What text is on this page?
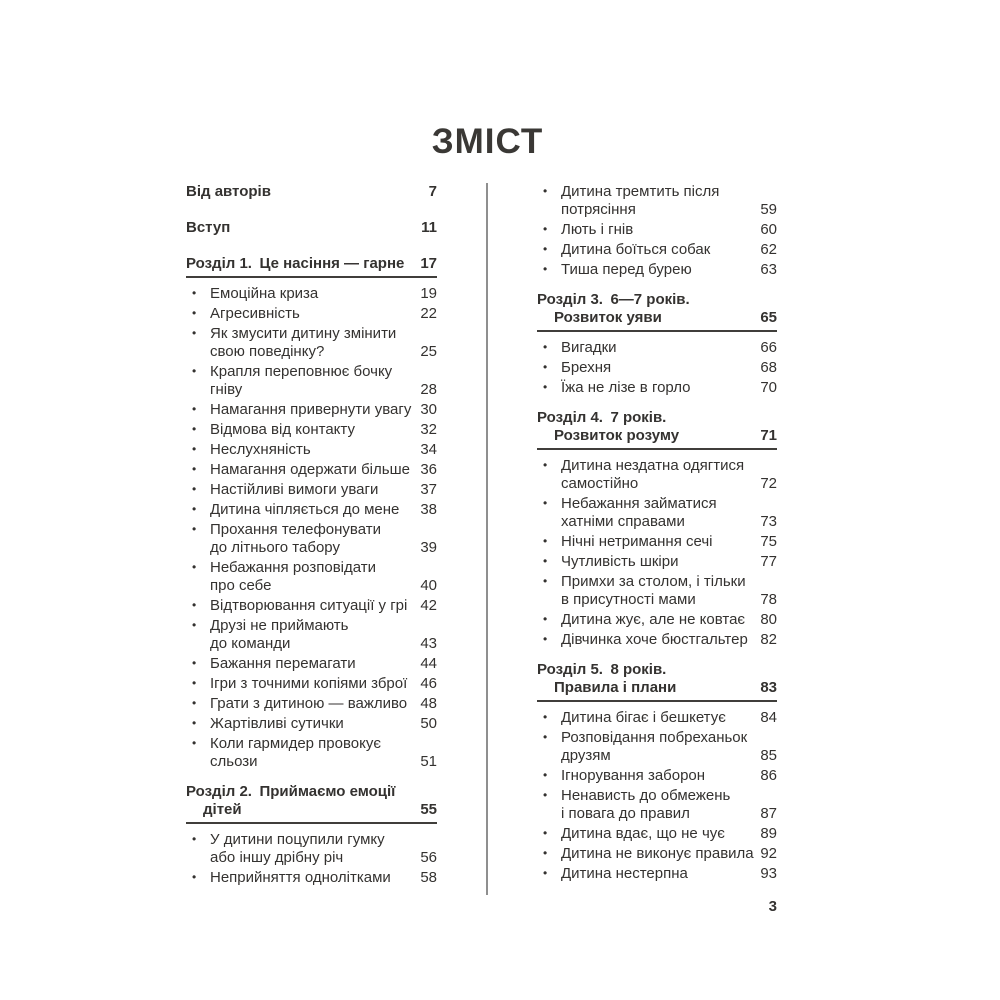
ЗМІСТ
Від авторів	7
Вступ	11
Розділ 1. Це насіння — гарне	17
• Емоційна криза	19
• Агресивність	22
• Як змусити дитину змінити
свою поведінку?	25
• Крапля переповнює бочку
гніву	28
• Намагання привернути увагу 30
• Відмова від контакту	32
• Неслухняність	34
• Намагання одержати більше 36
• Настійливі вимоги уваги	37
• Дитина чіпляється до мене	38
• Прохання телефонувати
до літнього табору	39
• Небажання розповідати
про себе	40
• Відтворювання ситуації у грі 42
• Друзі не приймають
до команди	43
• Бажання перемагати	44
• Ігри з точними копіями зброї 46
• Грати з дитиною — важливо 48
• Жартівливі сутички	50
• Коли гармидер провокує
сльози	51
Розділ 2. Приймаємо емоції
дітей	55
• У дитини поцупили гумку
або іншу дрібну річ	56
• Неприйняття однолітками	58
• Дитина тремтить після
потрясіння	59
• Лють і гнів	60
• Дитина боїться собак	62
• Тиша перед бурею	63
Розділ 3. 6—7 років.
Розвиток уяви	65
• Вигадки	66
• Брехня	68
• Їжа не лізе в горло	70
Розділ 4. 7 років.
Розвиток розуму	71
• Дитина нездатна одягтися
самостійно	72
• Небажання займатися
хатніми справами	73
• Нічні нетримання сечі	75
• Чутливість шкіри	77
• Примхи за столом, і тільки
в присутності мами	78
• Дитина жує, але не ковтає	80
• Дівчинка хоче бюстгальтер 82
Розділ 5. 8 років.
Правила і плани	83
• Дитина бігає і бешкетує	84
• Розповідання побреханьок
друзям	85
• Ігнорування заборон	86
• Ненависть до обмежень
і повага до правил	87
• Дитина вдає, що не чує	89
• Дитина не виконує правила 92
• Дитина нестерпна	93
3
